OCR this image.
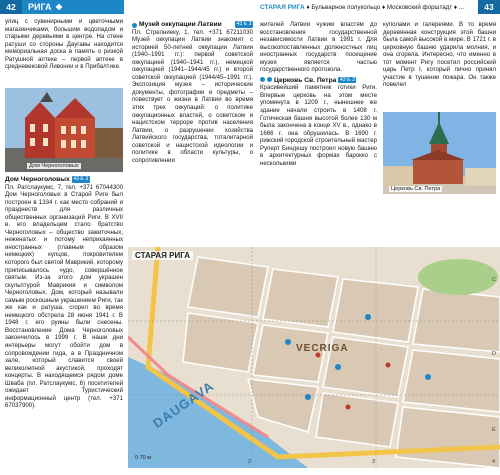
42	РИГА	СТАРАЯ РИГА ♦ Бульварное полукольцо ♦ Московский форштадт ♦ ...	43

улиц с сувенирными и цветочными магазинчиками, большим водопадом и старыми деревьями в центре. На стене ратуши со стороны Даугавы находится мемориальная доска в память о ризкой Ратушной аптеке – первой аптеке в средневековой Ливонии и в Прибалтике.

Дом Черноголовых
Дом Черноголовых 43 E 3

Пл. Ратслаукумс, 7, тел. +371 67044300 Дом Черноголовых в Старой Риге был построен в 1334 г. как место собраний и празднеств для различных общественных организаций Риги. В XVII в. его владельцем стало братство Черноголовых – общество зажиточных, неженатых и потому неприкаянных иностранных (главным образом немецких) купцов, покровителем которого был святой Маврикий, которому приписывалось чудо, совершённое святым. Из-за этого дом украшен скульптурой Маврикия и символом Черноголовых. Дом, который называли самым роскошным украшением Риги, так же как и ратуша, сгорел во время немецкого обстрела 28 июня 1941 г. В 1948 г. его руины были снесены. Восстановление Дома Черноголовых закончилось в 1999 г. В наши дни интерьеры могут обойти дом в сопровождении гида, а в Праздничном зале, который славится своей великолепной акустикой, проходят концерты. В находящемся рядом доме Шваба (пл. Ратслаукумс, 6) посетителей ожидает Туристический информационный центр (тел. +371 67037900).

Музей оккупации Латвии	43 E 3

Пл. Стрелниеку, 1, тел. +371 67211030 Музей оккупации Латвии знакомит с историей 50-летней оккупации Латвии (1940–1991 гг.): первой советской оккупацией (1940–1941 гг.), немецкой оккупацией (1941–1944/45 гг.) и второй советской оккупацией (1944/45–1991 гг.). Экспозиция музея – исторические документы, фотографии и предметы – повествует о жизни в Латвии во время этих трех оккупаций: о политике оккупационных властей, о советском и нацистском терроре против населения Латвии, о разрушении хозяйства Латвийского государства, тоталитарной советской и нацистской идеологии и политике в области культуры, о сопротивлении

жителей Латвии чужим властям до восстановления государственной независимости Латвии в 1991 г. Для высокопоставленных должностных лиц иностранных государств посещение музея является частью государственного протокола.

Церковь Св. Петра 43 E 3

Красивейший памятник готики Риги. Впервые церковь на этом месте упомянута в 1209 г., нынешнее же здание начали строить в 1408 г. Готическая башня высотой более 130 м была закончена в конце XV в., однако в 1666 г. она обрушилась. В 1690 г. рижский городской строительный мастер Руперт Биндешу построил новую башню в архитектурных формах барокко с несколькими

куполами и галереями. В то время деревянная конструкция этой башни была самой высокой в мире. В 1721 г. в церковную башню ударила молния, и она сгорела. Интересно, что именно в тот момент Ригу посетил российский царь Петр I, который лично принял участие в тушении пожара. Он также повелел

Церковь Св. Петра
СТАРАЯ РИГА
DAUGAVA
VECRIGA
2	3	4
C
D
E
0 70 м
